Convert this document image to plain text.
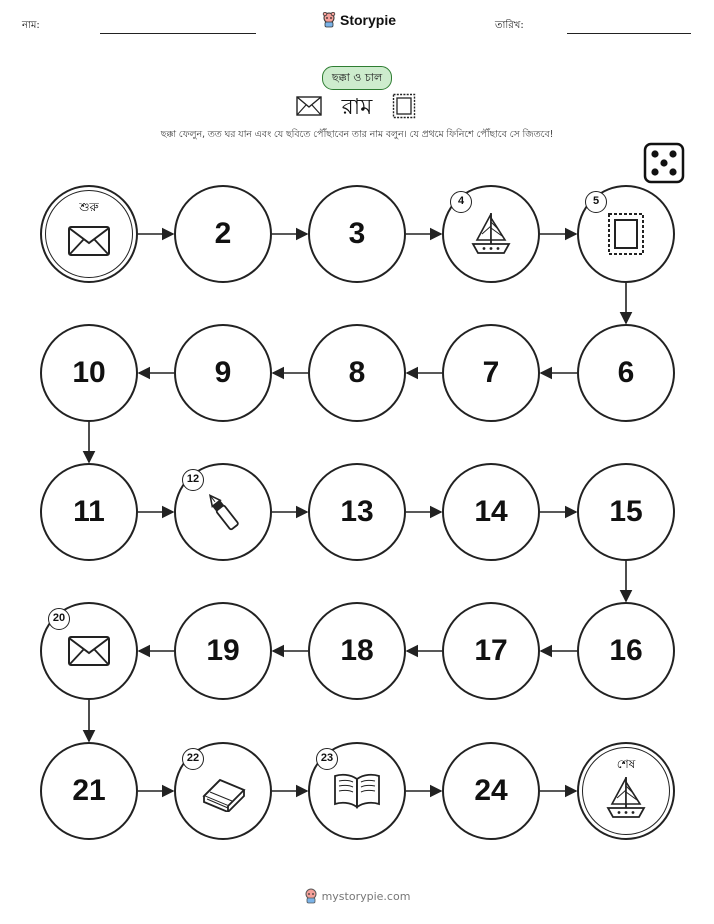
নাম:	Storypie	তারিখ:
ছক্কা ও চাল
রাম
ছক্কা ফেলুন, তত ঘর যান এবং যে ছবিতে পৌঁছাবেন তার নাম বলুন। যে প্রথমে ফিনিশে পৌঁছাবে সে জিতবে!
শুরু
2	3
4	5
6
7
8
9
10
11
12
13	14	15
16
17
18
19
20
21
22	23
24
শেষ
mystorypie.com
